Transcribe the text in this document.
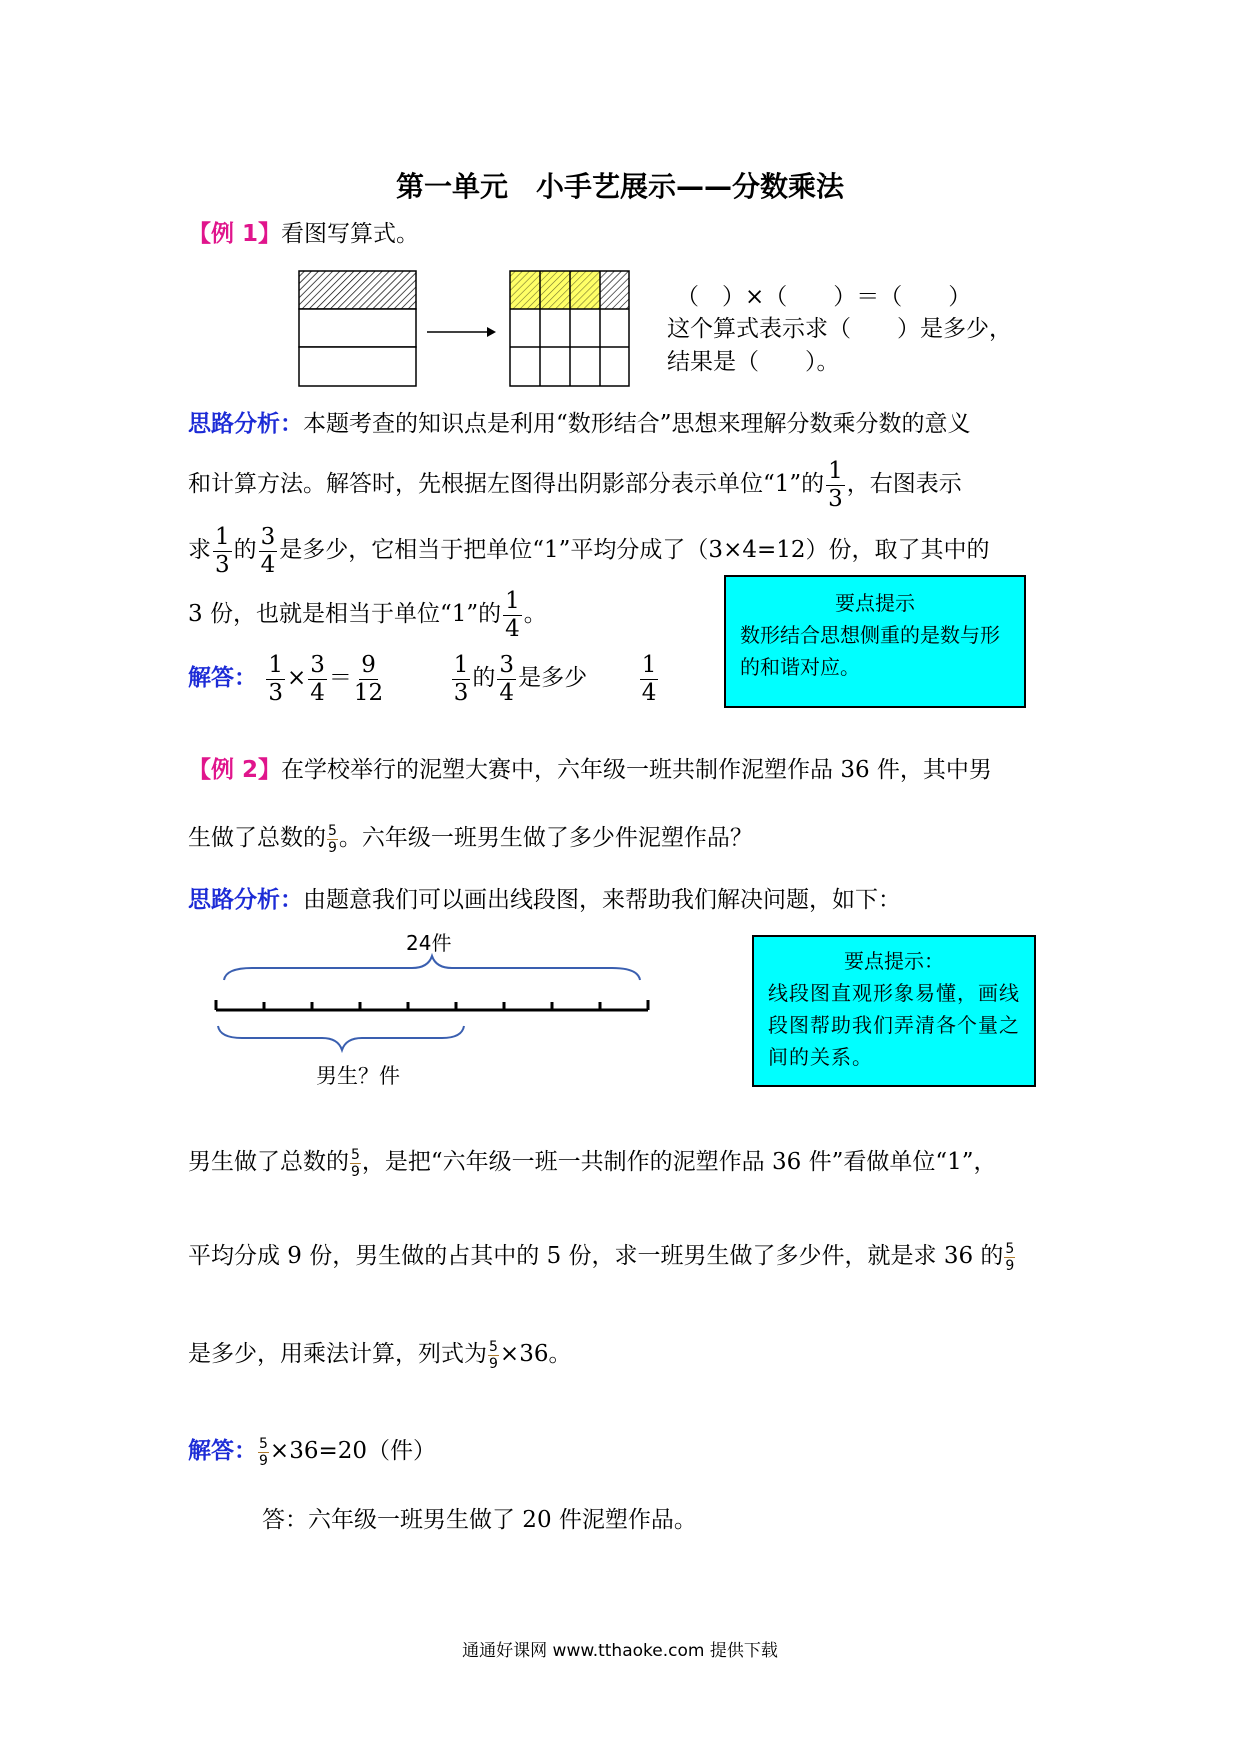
第一单元　小手艺展示——分数乘法
【例 1】看图写算式。
（　）×（　　）＝（　　）
这个算式表示求（　　）是多少，
结果是（　　）。
思路分析：本题考查的知识点是利用“数形结合”思想来理解分数乘分数的意义
和计算方法。解答时，先根据左图得出阴影部分表示单位“1”的 $\frac{1}{3}$ ，右图表示
求 $\frac{1}{3}$ 的 $\frac{3}{4}$ 是多少，它相当于把单位“1”平均分成了（3×4=12）份，取了其中的
3 份，也就是相当于单位“1”的 $\frac{1}{4}$ 。
解答： $\frac{1}{3} \times \frac{3}{4} = \frac{9}{12}$
	$\frac{1}{3}$ 的 $\frac{3}{4}$ 是多少 $\frac{1}{4}$
要点提示
数形结合思想侧重的是数与形的和谐对应。
【例 2】在学校举行的泥塑大赛中，六年级一班共制作泥塑作品 36 件，其中男
生做了总数的 $\frac{5}{9}$ 。六年级一班男生做了多少件泥塑作品？
思路分析：由题意我们可以画出线段图，来帮助我们解决问题，如下：
24件
男生？件
要点提示：
线段图直观形象易懂，画线段图帮助我们弄清各个量之间的关系。
男生做了总数的 $\frac{5}{9}$ ，是把“六年级一班一共制作的泥塑作品 36 件”看做单位“1”，
平均分成 9 份，男生做的占其中的 5 份，求一班男生做了多少件，就是求 36 的 $\frac{5}{9}$
是多少，用乘法计算，列式为 $\frac{5}{9} \times 36$。
解答： $\frac{5}{9} \times 36=20$（件）
答：六年级一班男生做了 20 件泥塑作品。
通通好课网 www.tthaoke.com 提供下载
